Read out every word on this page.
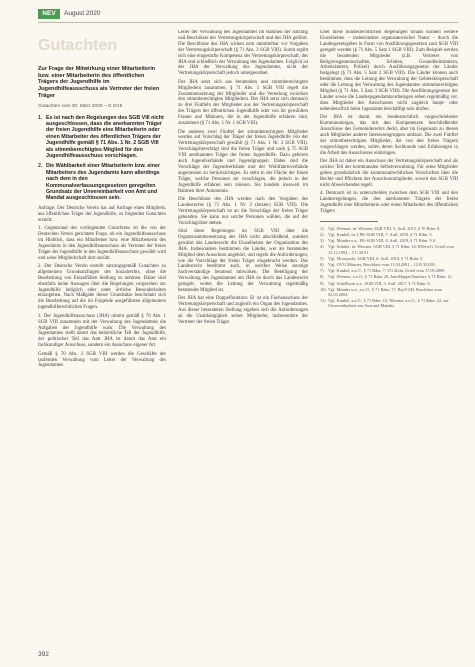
NEV	August 2020
Gutachten
Zur Frage der Mitwirkung einer Mitarbeiterin bzw. einer Mitarbeiterin des öffentlichen Trägers der Jugendhilfe im Jugendhilfeausschuss als Vertreter der freien Träger
Gutachten vom 30. März 2020 – G 9/19
1. Es ist nach den Regelungen des SGB VIII nicht ausgeschlossen, dass die anerkannten Träger der freien Jugendhilfe eine Mitarbeiterin oder einen Mitarbeiter des öffentlichen Trägers der Jugendhilfe gemäß § 71 Abs. 1 Nr. 2 SGB VIII als stimmberechtigtes Mitglied für den Jugendhilfeausschuss vorschlagen.
2. Die Wählbarkeit einer Mitarbeiterin bzw. einer Mitarbeiters des Jugendamts kann allerdings nach dem in den Kommunalverfassungsgesetzen geregelten Grundsatz der Unvereinbarkeit von Amt und Mandat ausgeschlossen sein.

Anfrage: Der Deutsche Verein hat auf Anfrage eines Mitglieds, aus öffentlichen Träger der Jugendhilfe, zu folgenden Gutachten erstellt:

1. Gegenstand des vorliegenden Gutachtens ist die von der Deutschen Verein gerichtete Frage, ob ein Jugendhilfeausschuss im Hinblick, dass ein Mitarbeiter bzw. eine Mitarbeiterin des Jugendamts in den Jugendhilfeausschuss als Vertreter der freien Träger der Jugendhilfe in den Jugendhilfeausschuss gewählt wird und seine Mitgliedschaft dort ausübt.

2. Der Deutsche Verein erstellt satzungsgemäß Gutachten zu allgemeinen Grundsatzfragen des Sozialrechts, ohne die Bearbeitung von Einzelfällen Stellung zu nehmen. Daher sind ebenfalls keine Aussagen über die Regelungen vorgesehen zur Jugendhilfe lediglich oder unter örtliche Besonderheiten einzugehen. Nach Maßgabe dieser Grundsätze beschränkt sich die Bearbeitung auf die im Folgende ausgeführten allgemeinen jugendhilferechtlichen Fragen.

3. Der Jugendhilfeausschuss (JHA) nimmt gemäß § 70 Abs. 1 SGB VIII zusammen mit der Verwaltung des Jugendamtes die Aufgaben der Jugendhilfe wahr. Die Verwaltung des Jugendamtes stellt damit das behördliche Teil der Jugendhilfe, der politischer Teil das Amt JHA ist damit das Amt ein fachkundiger Ausschuss, sondern ein Ausschuss eigener Art.

Gemäß § 70 Abs. 2 SGB VIII werden die Geschäfte der laufenden Verwaltung vom Leiter der Verwaltung des Jugendamtes

Leiter der Verwaltung des Jugendamtes im Rahmen der Satzung und Beschlüsse der Vertretungskörperschaft und des JHA geführt. Die Beschlüsse des JHA wirken zum unmittelbar vor Vorgaben der Vertretungskörperschaft (§ 71 Abs. 3 SGB VIII). Somit ergibt sich eine eingestufte Kompetenz der Vertretungskörperschaft, des JHA und schließlich der Verwaltung des Jugendamtes. Folglich ist der JHA der Verwaltung des Jugendamtes, nicht der Vertretungskörperschaft jedoch untergeordnet.

Der JHA setzt sich aus beratenden und stimmberechtigten Mitgliedern zusammen. § 71 Abs. 1 SGB VIII regelt die Zusammensetzung der Mitglieder und die Verteilung zwischen den stimmberechtigten Mitgliedern. Der JHA setzt sich demnach zu drei Fünfteln der Mitglieder aus der Vertretungskörperschaft des Trägers der öffentlichen Jugendhilfe oder von ihr gewählten Frauen und Männern, die in der Jugendhilfe erfahren sind, zusammen (§ 71 Abs. 1 Nr. 1 SGB VIII).

Die anderen zwei Fünftel der stimmberechtigten Mitglieder werden auf Vorschlag der Träger der freien Jugendhilfe von der Vertretungskörperschaft gewählt (§ 71 Abs. 1 Nr. 2 SGB VIII). Vorschlagsberechtigt sind die freien Träger und nach § 75 SGB VIII anerkannten Träger der freien Jugendhilfe. Dazu gehören auch Jugendverbände und Jugendgruppen. Dabei sind die Vorschläge der Jugendverbände und der Wohlfahrtsverbände angemessen zu berücksichtigen. Es steht in der Fläche der freien Träger, welche Personen sie vorschlagen, die jedoch in der Jugendhilfe erfahren sein müssen. Sie handeln insoweit im Rahmen ihrer Autonomie.

Die Beschlüsse des JHA werden nach den Vorgaben des Landesrechts (§ 71 Abs. 1 Nr. 2 (letzter) SGB VIII). Die Vertretungskörperschaft ist an die Vorschläge der freien Träger gebunden. Sie kann nur solche Personen wählen, die auf der Vorschlagsliste stehen.

Sind diese Regelungen im SGB VIII über die Organzusammensetzung des JHA nicht abschließend, sondern gewährt das Landesrecht die Einzelheiten der Organisation des JHA. Insbesondere bestimmen die Länder, wer als beratendes Mitglied dem Ausschuss angehört, und regeln die Anforderungen, wie die Vorschläge der freien Träger eingebracht werden. Das Landesrecht bestimmt auch, in welcher Weise sonstige Sachverständige beratend mitwirken. Die Beteiligung der Verwaltung des Jugendamtes am JHA ist durch das Landesrecht geregelt, wobei die Leitung der Verwaltung regelmäßig beratendes Mitglied ist.

Der JHA hat eine Doppelfunktion: Er ist ein Fachausschuss der Vertretungskörperschaft und zugleich ein Organ des Jugendamtes. Aus dieser besonderen Stellung ergeben sich die Anforderungen an die Unabhängigkeit seiner Mitglieder, insbesondere der Vertreter der freien Träger.

Über diese bundesrechtlichen Regelungen hinaus können weitere Einzelheiten – insbesondere organisatorischer Natur – durch die Landesgesetzgeber in Form von Ausführungsgesetzen zum SGB VIII geregelt werden (§ 71 Abs. 5 Satz 1 SGB VIII). Zum Beispiel werden die beratenden Mitglieder (z.B. Vertreter von Religionsgemeinschaften, Schulen, Gesundheitsämtern, Arbeitsämtern, Polizei) durch Ausführungsgesetze der Länder festgelegt (§ 71 Abs. 5 Satz 2 SGB VIII). Die Länder können auch bestimmen, dass die Leitung der Verwaltung der Gebietskörperschaft oder die Leitung der Verwaltung des Jugendamtes stimmberechtigtes Mitglied (§ 71 Abs. 5 Satz 3 SGB VIII). Die Ausführungsgesetze der Länder sowie die Landesjugendamtsordnungen sehen regelmäßig vor, dass Mitglieder des Ausschusses nicht zugleich haupt- oder nebenberuflich beim Jugendamt beschäftigt sein dürfen.

Der JHA ist damit ein bundesrechtlich vorgeschriebener Kommunalorgan, das mit den Kompetenzen beschließender Ausschüsse des Gemeinderechts deckt, aber im Gegensatz zu diesen auch Mitglieder anderer Interessengruppen umfasst. Die zwei Fünftel der stimmberechtigten Mitglieder, die von den freien Trägern vorgeschlagen werden, sollen deren Sachkunde und Erfahrungen in die Arbeit des Ausschusses einbringen.

Der JHA ist daher ein Ausschuss der Vertretungskörperschaft und als solcher Teil der kommunalen Selbstverwaltung. Für seine Mitglieder gelten grundsätzlich die kommunalrechtlichen Vorschriften über die Rechte und Pflichten der Ausschussmitglieder, soweit das SGB VIII nicht Abweichendes regelt.

4. Demnach ist zu unterscheiden zwischen dem SGB VIII und den Landesregelungen, die den anerkannten Trägern der freien Jugendhilfe eine Mitarbeiterin oder einen Mitarbeiter des öffentlichen Trägers

1)	Vgl. Wiesner, in: Wiesner, SGB VIII, 5. Aufl. 2015, § 70 Rdnr. 8.
2)	Vgl. Kunkel, in: LPK-SGB VIII, 7. Aufl. 2018, § 71 Rdnr. 3.
3)	Vgl. Münder u.a., FK-SGB VIII, 8. Aufl. 2019, § 71 Rdnr. 9 ff.
4)	Vgl. Schäfer, in: Wiesner, SGB VIII, § 71 Rdnr. 14; BVerwG, Urteil vom 15.12.1994 – 5 C 30.91.
5)	Vgl. Mrozynski, SGB VIII, 6. Aufl. 2019, § 71 Rdnr. 5.
6)	Vgl. OVG Münster, Beschluss vom 11.04.2001 – 12 B 353/01.
7)	Vgl. Kunkel, a.a.O., § 71 Rdnr. 7; VG Köln, Urteil vom 17.09.2009.
8)	Vgl. Wiesner, a.a.O., § 71 Rdnr. 20; Jans/Happe/Saurbier, § 71 Rdnr. 12.
9)	Vgl. Schellhorn u.a., SGB VIII, 5. Aufl. 2017, § 71 Rdnr. 6.
10) Vgl. Münder u.a., a.a.O., § 71 Rdnr. 17; BayVGH, Beschluss vom 02.03.2004.
11) Vgl. Kunkel, a.a.O., § 71 Rdnr. 15; Wiesner, a.a.O., § 71 Rdnr. 22; zur Unvereinbarkeit von Amt und Mandat.
392
